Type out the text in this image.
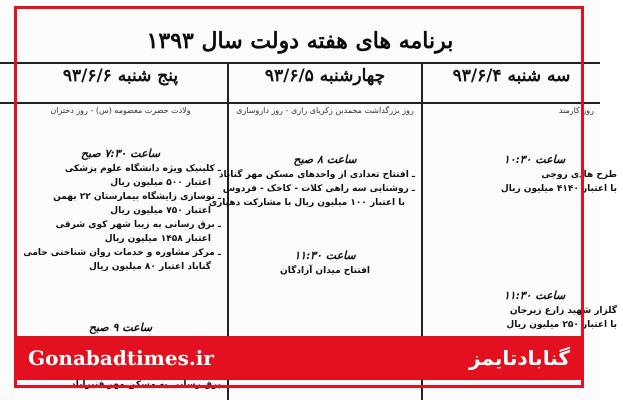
برنامه های هفته دولت سال ۱۳۹۳
سه شنبه ۹۳/۶/۴
روز کارمند
ساعت ۱۰:۳۰
طرح هادی روجی
با اعتبار ۴۱۴۰ میلیون ریال
ساعت ۱۱:۳۰
گلزار شهید زارع زیرجان
با اعتبار ۲۵۰ میلیون ریال
چهارشنبه ۹۳/۶/۵
روز بزرگداشت محمدبن زکریای رازی - روز داروسازی
ساعت ۸ صبح
ـ افتتاح تعدادی از واحدهای مسکن مهر گناباد
ـ روشنایی سه راهی کلات - کاخک - فردوس
با اعتبار ۱۰۰ میلیون ریال با مشارکت دهیاری
ساعت ۱۱:۳۰
افتتاح میدان آزادگان
پنج شنبه ۹۳/۶/۶
ولادت حضرت معصومه (س) - روز دختران
ساعت ۷:۳۰ صبح
ـ کلینیک ویژه دانشگاه علوم پزشکی
اعتبار ۵۰۰ میلیون ریال
ـ نوسازی زایشگاه بیمارستان ۲۲ بهمن
اعتبار ۷۵۰ میلیون ریال
ـ برق رسانی به زیبا شهر کوی شرقی
اعتبار ۱۴۵۸ میلیون ریال
ـ مرکز مشاوره و خدمات روان شناختی حامی
گناباد اعتبار ۸۰ میلیون ریال
ساعت ۹ صبح
برق رسانی به مسکن مهر قنبرآباد
Gonabadtimes.ir	گنابادتایمز
